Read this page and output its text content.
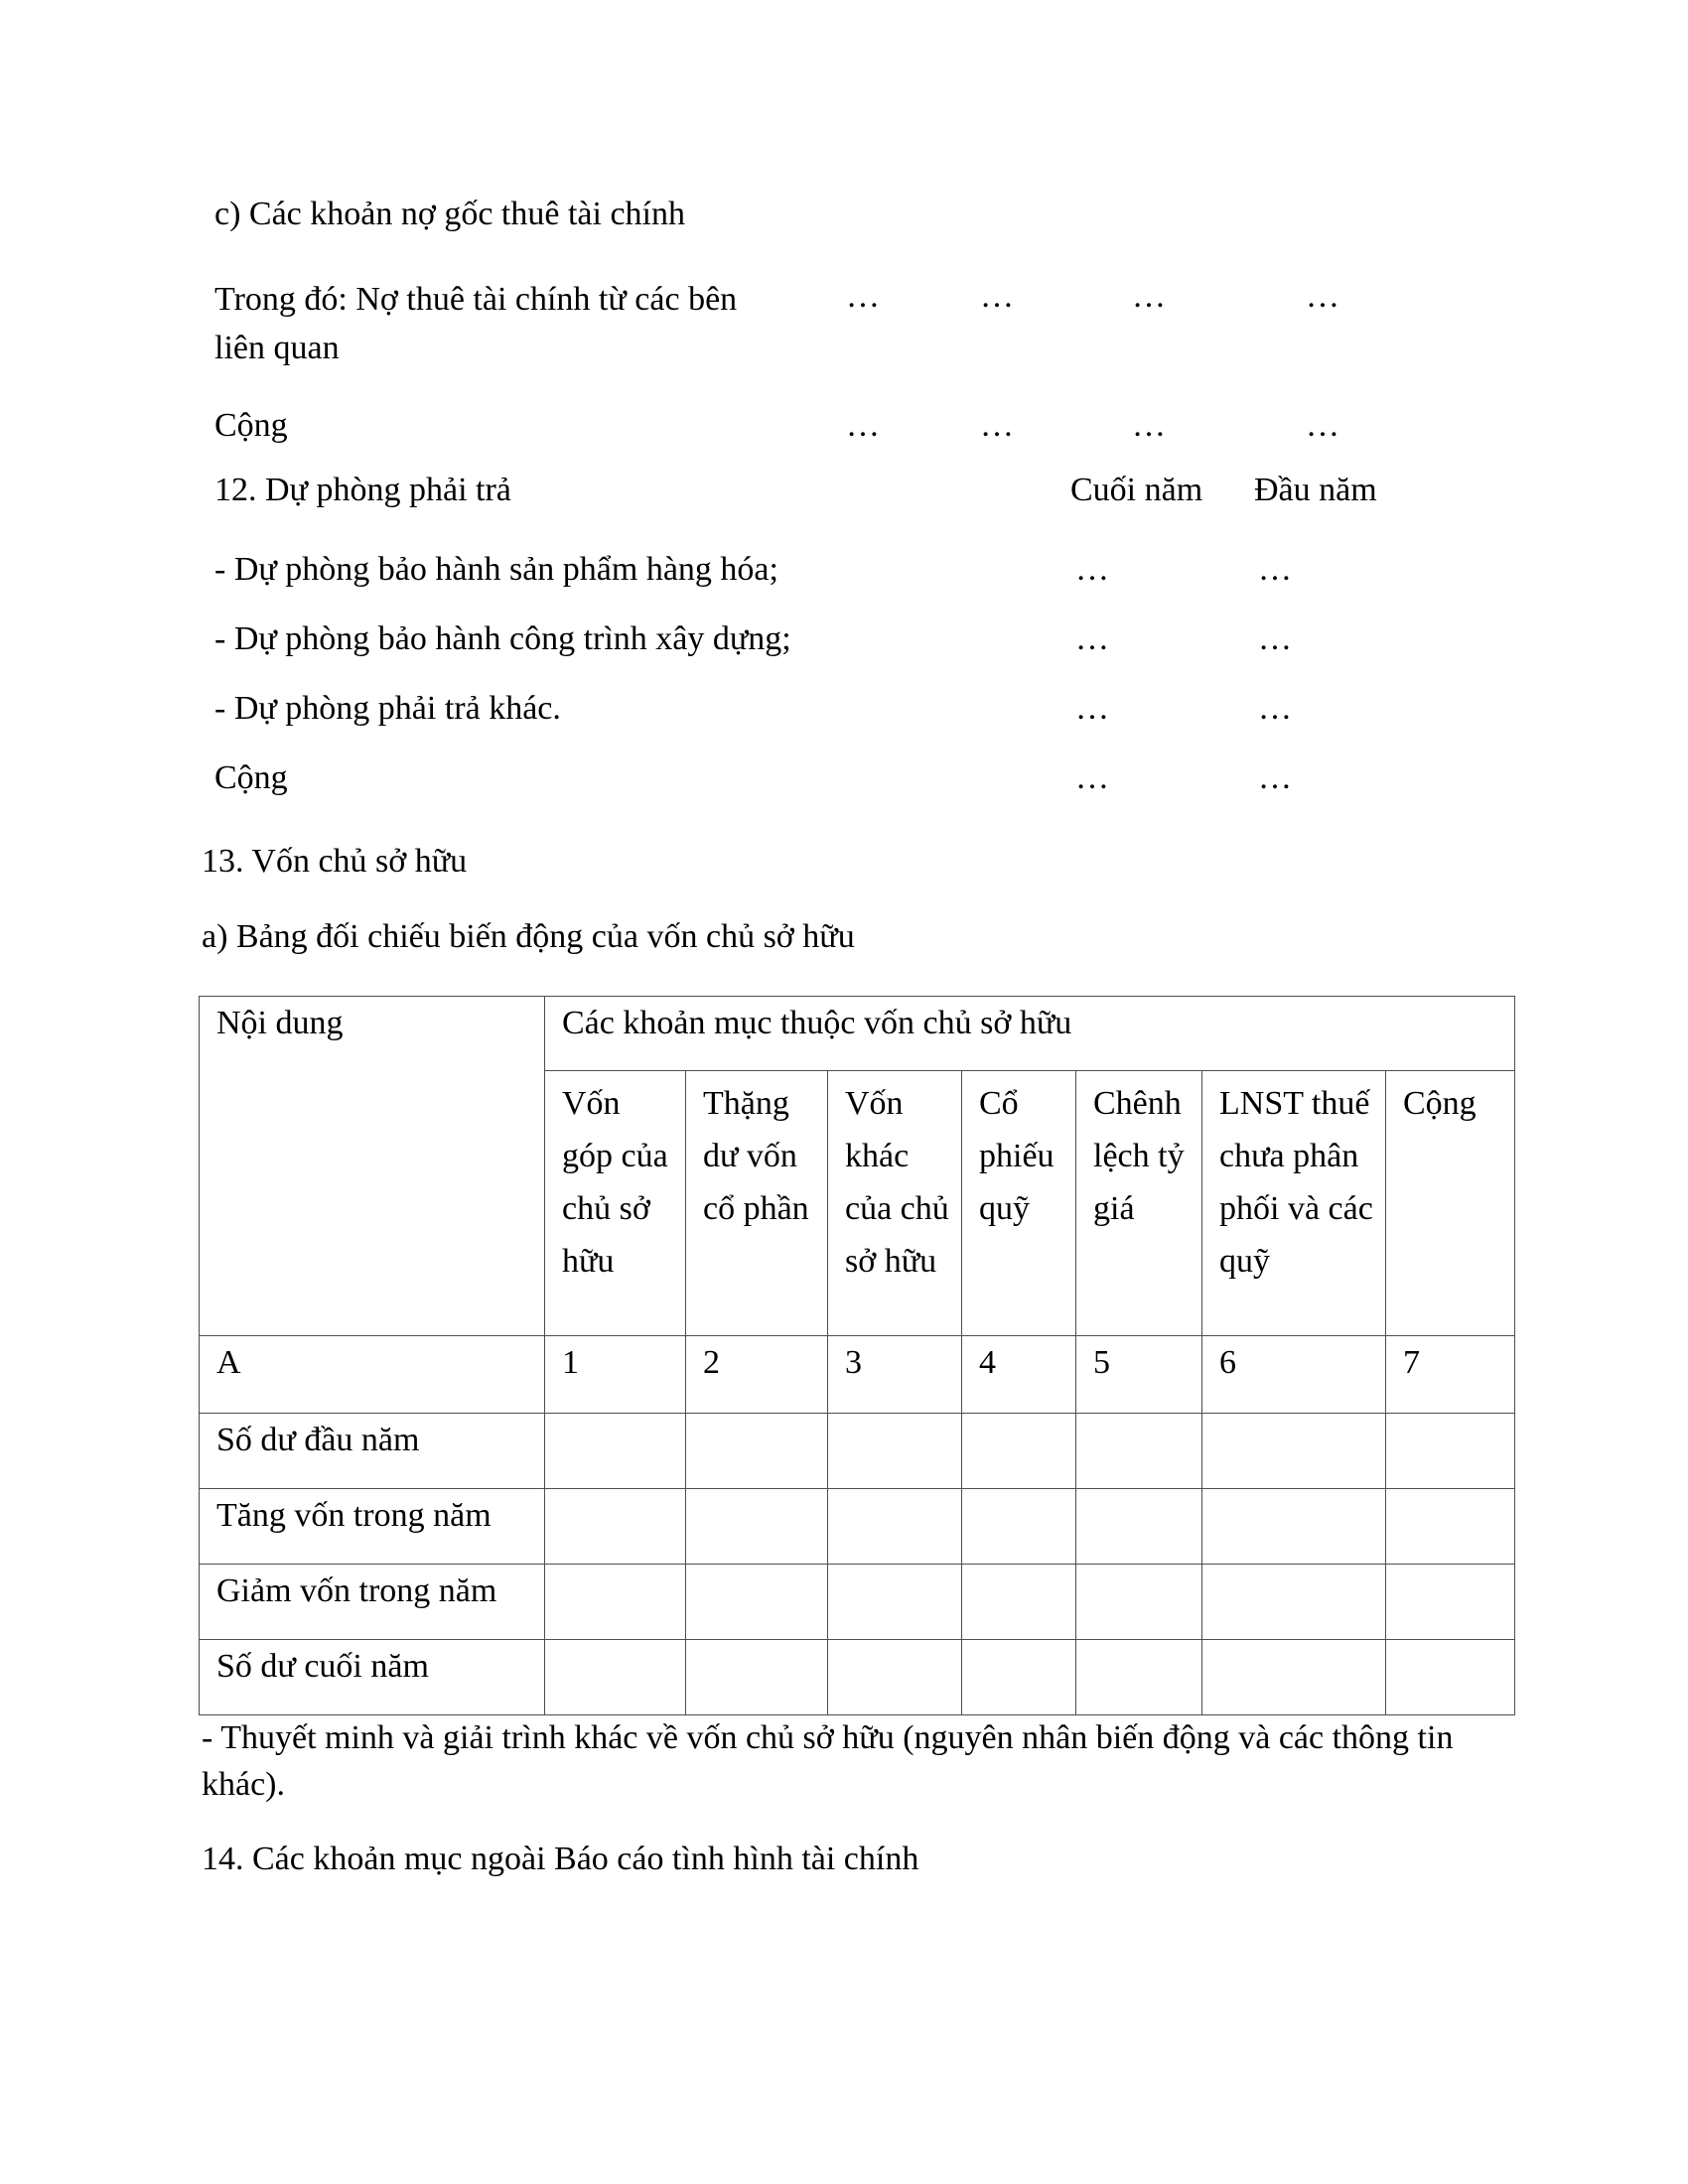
c) Các khoản nợ gốc thuê tài chính
Trong đó: Nợ thuê tài chính từ các bên liên quan
…	…	…	…
Cộng	…	…	…	…
12. Dự phòng phải trả	Cuối năm Đầu năm
- Dự phòng bảo hành sản phẩm hàng hóa;	…	…
- Dự phòng bảo hành công trình xây dựng;	…	…
- Dự phòng phải trả khác.	…	…
Cộng	…	…
13. Vốn chủ sở hữu
a) Bảng đối chiếu biến động của vốn chủ sở hữu
Nội dung	Các khoản mục thuộc vốn chủ sở hữu						
	Vốn góp của chủ sở hữu	Thặng dư vốn cổ phần	Vốn khác của chủ sở hữu	Cổ phiếu quỹ	Chênh lệch tỷ giá	LNST thuế chưa phân phối và các quỹ	Cộng
A	1	2	3	4	5	6	7
Số dư đầu năm							
Tăng vốn trong năm							
Giảm vốn trong năm							
Số dư cuối năm							
- Thuyết minh và giải trình khác về vốn chủ sở hữu (nguyên nhân biến động và các thông tin khác).
14. Các khoản mục ngoài Báo cáo tình hình tài chính
